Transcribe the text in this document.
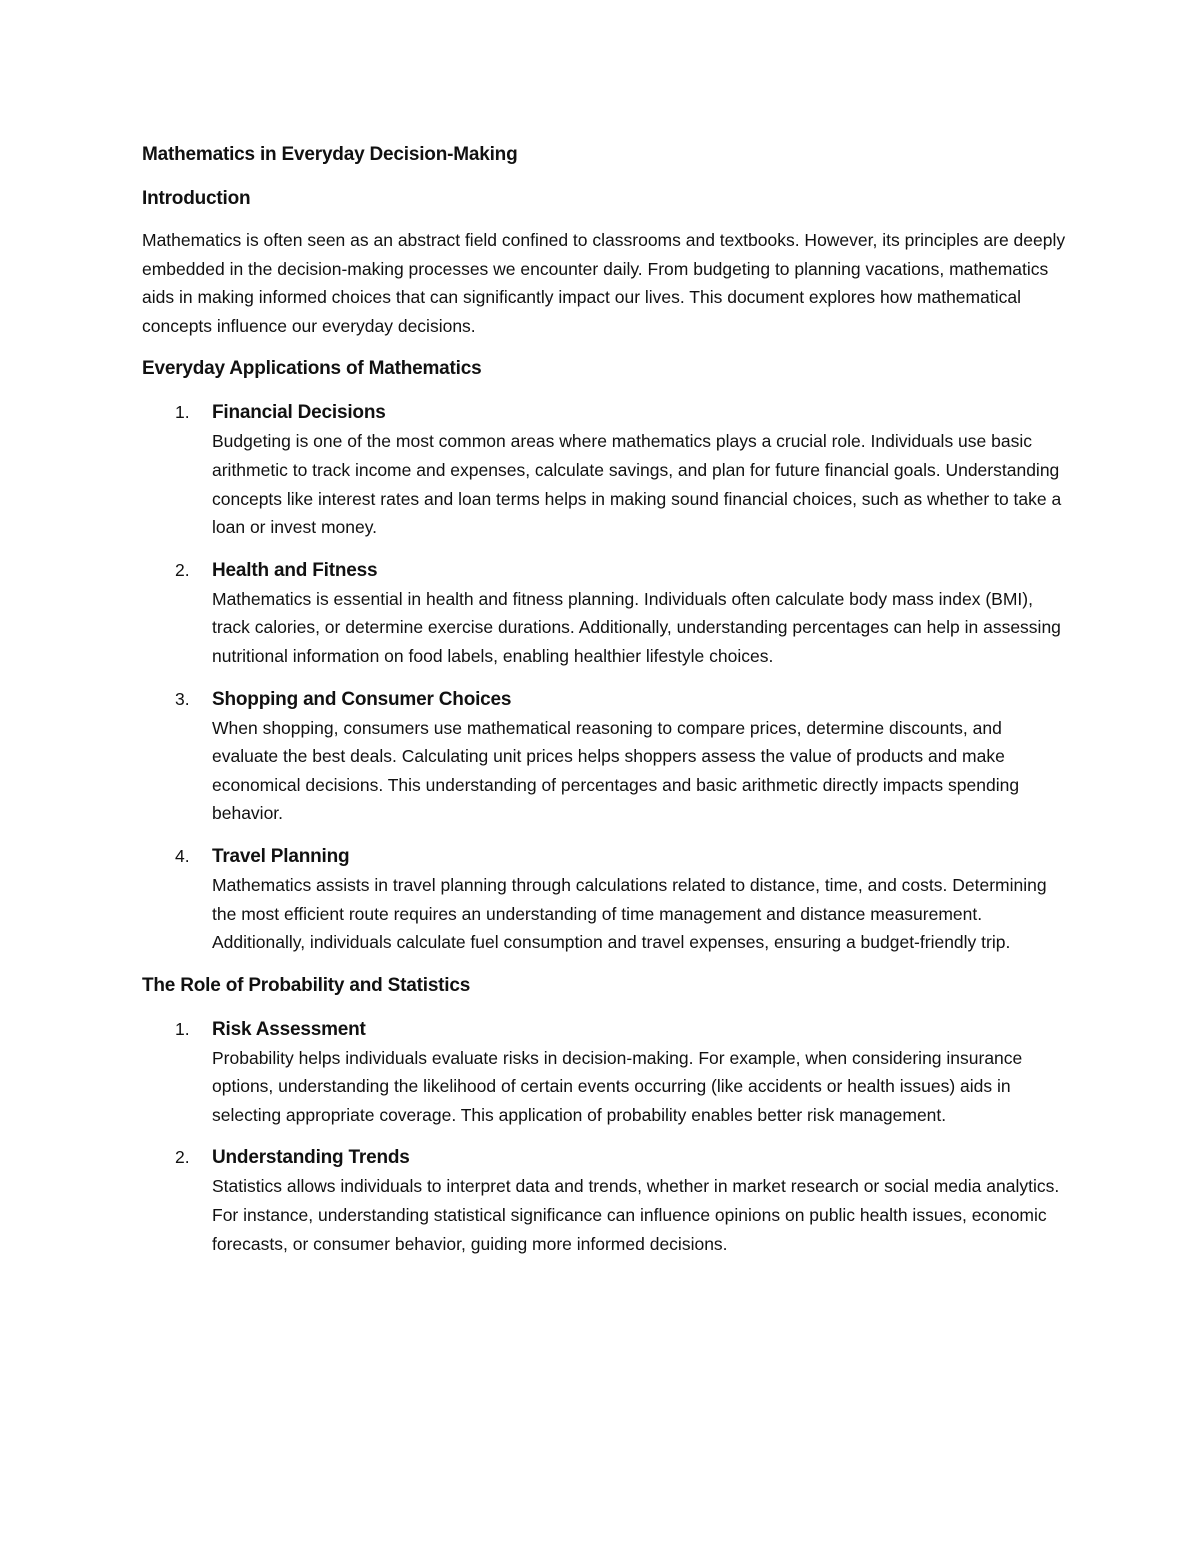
Mathematics in Everyday Decision-Making
Introduction

Mathematics is often seen as an abstract field confined to classrooms and textbooks. However, its principles are deeply embedded in the decision-making processes we encounter daily. From budgeting to planning vacations, mathematics aids in making informed choices that can significantly impact our lives. This document explores how mathematical concepts influence our everyday decisions.

Everyday Applications of Mathematics
1.	Financial Decisions
Budgeting is one of the most common areas where mathematics plays a crucial role. Individuals use basic arithmetic to track income and expenses, calculate savings, and plan for future financial goals. Understanding concepts like interest rates and loan terms helps in making sound financial choices, such as whether to take a loan or invest money.
2.	Health and Fitness
Mathematics is essential in health and fitness planning. Individuals often calculate body mass index (BMI), track calories, or determine exercise durations. Additionally, understanding percentages can help in assessing nutritional information on food labels, enabling healthier lifestyle choices.
3.	Shopping and Consumer Choices
When shopping, consumers use mathematical reasoning to compare prices, determine discounts, and evaluate the best deals. Calculating unit prices helps shoppers assess the value of products and make economical decisions. This understanding of percentages and basic arithmetic directly impacts spending behavior.
4.	Travel Planning
Mathematics assists in travel planning through calculations related to distance, time, and costs. Determining the most efficient route requires an understanding of time management and distance measurement. Additionally, individuals calculate fuel consumption and travel expenses, ensuring a budget-friendly trip.
The Role of Probability and Statistics
1.	Risk Assessment
Probability helps individuals evaluate risks in decision-making. For example, when considering insurance options, understanding the likelihood of certain events occurring (like accidents or health issues) aids in selecting appropriate coverage. This application of probability enables better risk management.
2.	Understanding Trends
Statistics allows individuals to interpret data and trends, whether in market research or social media analytics. For instance, understanding statistical significance can influence opinions on public health issues, economic forecasts, or consumer behavior, guiding more informed decisions.
